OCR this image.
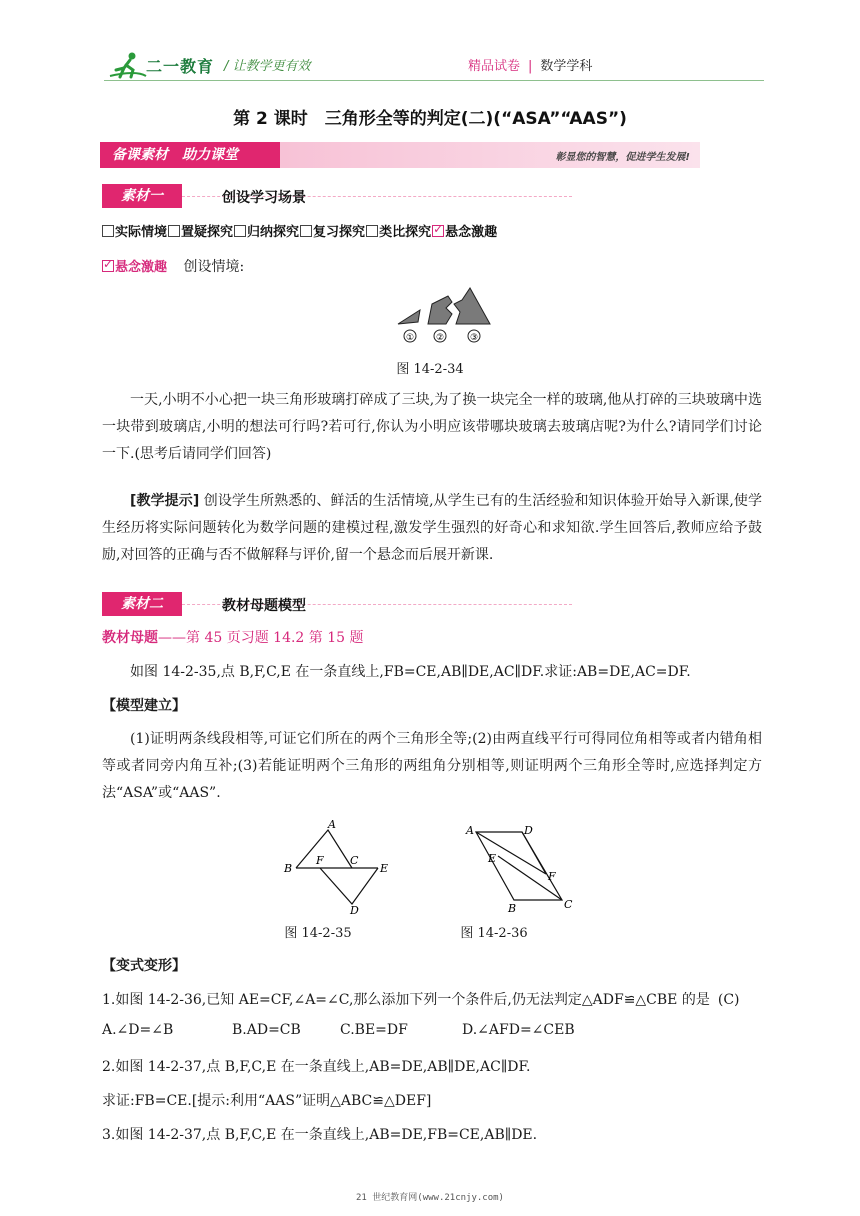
二一教育 / 让教学更有效	精品试卷 | 数学学科
第 2 课时　三角形全等的判定(二)(“ASA”“AAS”)
备课素材　助力课堂	彰显您的智慧，促进学生发展!
素材一	创设学习场景
实际情境 置疑探究 归纳探究 复习探究 类比探究✓ 悬念激趣
✓悬念激趣 创设情境:
① ②	③
图 14-2-34
一天,小明不小心把一块三角形玻璃打碎成了三块,为了换一块完全一样的玻璃,他从打碎的三块玻璃中选一块带到玻璃店,小明的想法可行吗?若可行,你认为小明应该带哪块玻璃去玻璃店呢?为什么?请同学们讨论一下.(思考后请同学们回答)
[教学提示] 创设学生所熟悉的、鲜活的生活情境,从学生已有的生活经验和知识体验开始导入新课,使学生经历将实际问题转化为数学问题的建模过程,激发学生强烈的好奇心和求知欲.学生回答后,教师应给予鼓励,对回答的正确与否不做解释与评价,留一个悬念而后展开新课.
素材二	教材母题模型
教材母题——第 45 页习题 14.2 第 15 题
如图 14-2-35,点 B,F,C,E 在一条直线上,FB=CE,AB∥DE,AC∥DF.求证:AB=DE,AC=DF.
【模型建立】
(1)证明两条线段相等,可证它们所在的两个三角形全等;(2)由两直线平行可得同位角相等或者内错角相等或者同旁内角互补;(3)若能证明两个三角形的两组角分别相等,则证明两个三角形全等时,应选择判定方法“ASA”或“AAS”.
A
B
F C
E
D
图 14-2-35
A	D
E
F
B	C
图 14-2-36
【变式变形】
1.如图 14-2-36,已知 AE=CF,∠A=∠C,那么添加下列一个条件后,仍无法判定△ADF≌△CBE 的是 (C)
A.∠D=∠B	B.AD=CB	C.BE=DF	D.∠AFD=∠CEB
2.如图 14-2-37,点 B,F,C,E 在一条直线上,AB=DE,AB∥DE,AC∥DF.
求证:FB=CE.[提示:利用“AAS”证明△ABC≌△DEF]
3.如图 14-2-37,点 B,F,C,E 在一条直线上,AB=DE,FB=CE,AB∥DE.
21 世纪教育网(www.21cnjy.com)
